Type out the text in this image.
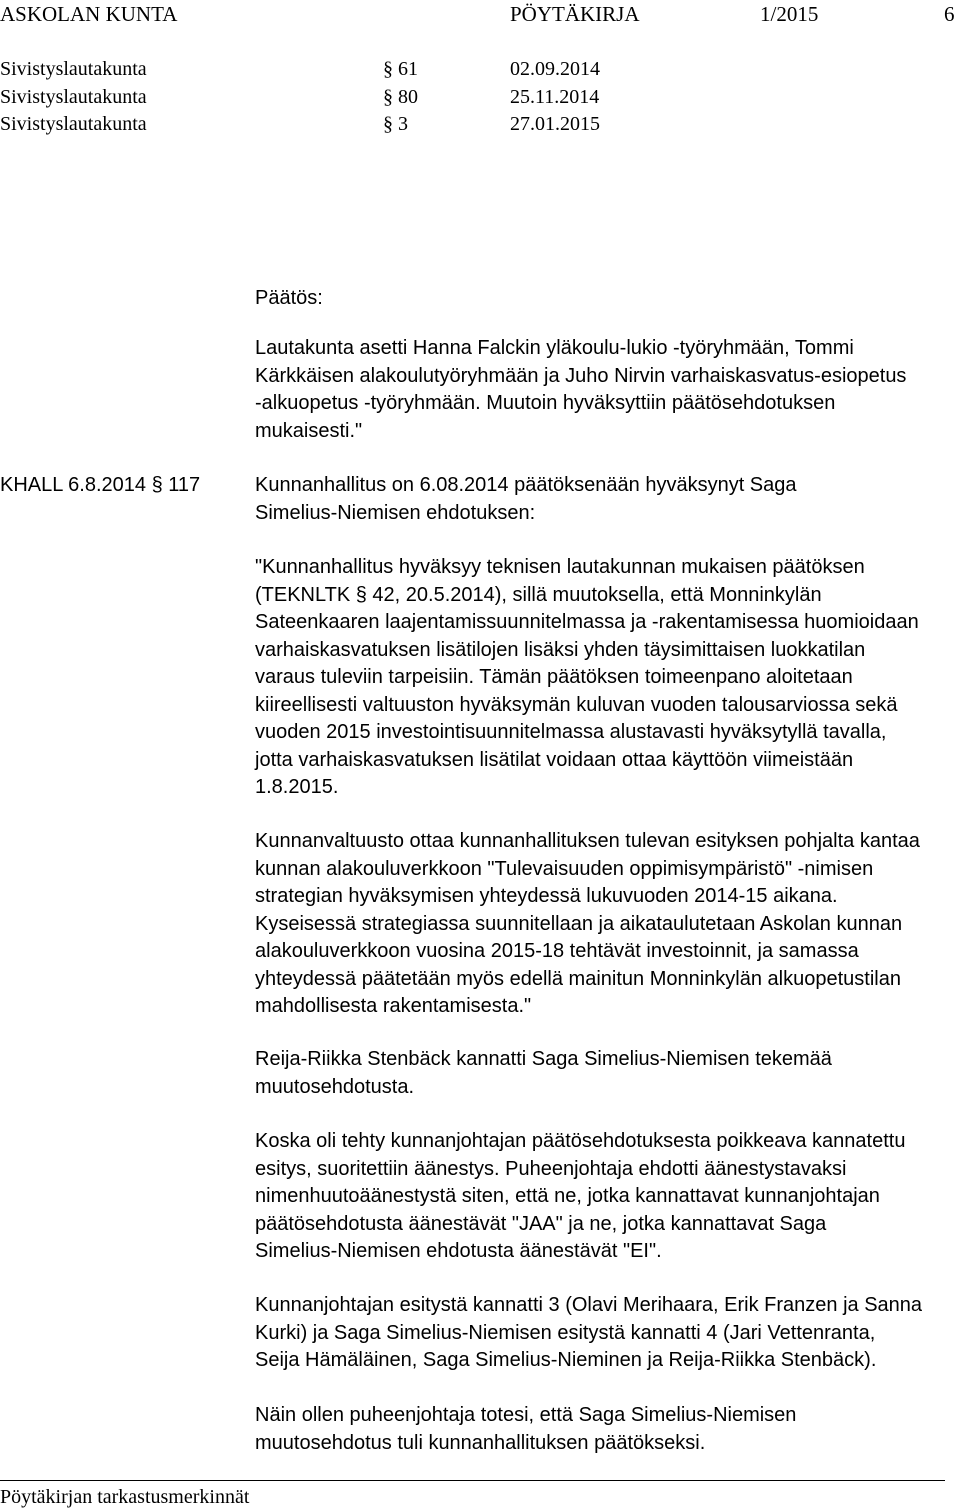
ASKOLAN KUNTA	PÖYTÄKIRJA	1/2015	6
Sivistyslautakunta	§ 61	02.09.2014
Sivistyslautakunta	§ 80	25.11.2014
Sivistyslautakunta	§ 3	27.01.2015
Päätös:
Lautakunta asetti Hanna Falckin yläkoulu-lukio -työryhmään, Tommi
Kärkkäisen alakoulutyöryhmään ja Juho Nirvin varhaiskasvatus-esiopetus
-alkuopetus -työryhmään. Muutoin hyväksyttiin päätösehdotuksen
mukaisesti."
KHALL 6.8.2014 § 117	Kunnanhallitus on 6.08.2014 päätöksenään hyväksynyt Saga
Simelius-Niemisen ehdotuksen:
"Kunnanhallitus hyväksyy teknisen lautakunnan mukaisen päätöksen
(TEKNLTK § 42, 20.5.2014), sillä muutoksella, että Monninkylän
Sateenkaaren laajentamissuunnitelmassa ja -rakentamisessa huomioidaan
varhaiskasvatuksen lisätilojen lisäksi yhden täysimittaisen luokkatilan
varaus tuleviin tarpeisiin. Tämän päätöksen toimeenpano aloitetaan
kiireellisesti valtuuston hyväksymän kuluvan vuoden talousarviossa sekä
vuoden 2015 investointisuunnitelmassa alustavasti hyväksytyllä tavalla,
jotta varhaiskasvatuksen lisätilat voidaan ottaa käyttöön viimeistään
1.8.2015.
Kunnanvaltuusto ottaa kunnanhallituksen tulevan esityksen pohjalta kantaa
kunnan alakouluverkkoon "Tulevaisuuden oppimisympäristö" -nimisen
strategian hyväksymisen yhteydessä lukuvuoden 2014-15 aikana.
Kyseisessä strategiassa suunnitellaan ja aikataulutetaan Askolan kunnan
alakouluverkkoon vuosina 2015-18 tehtävät investoinnit, ja samassa
yhteydessä päätetään myös edellä mainitun Monninkylän alkuopetustilan
mahdollisesta rakentamisesta."
Reija-Riikka Stenbäck kannatti Saga Simelius-Niemisen tekemää
muutosehdotusta.
Koska oli tehty kunnanjohtajan päätösehdotuksesta poikkeava kannatettu
esitys, suoritettiin äänestys. Puheenjohtaja ehdotti äänestystavaksi
nimenhuutoäänestystä siten, että ne, jotka kannattavat kunnanjohtajan
päätösehdotusta äänestävät "JAA" ja ne, jotka kannattavat Saga
Simelius-Niemisen ehdotusta äänestävät "EI".
Kunnanjohtajan esitystä kannatti 3 (Olavi Merihaara, Erik Franzen ja Sanna
Kurki) ja Saga Simelius-Niemisen esitystä kannatti 4 (Jari Vettenranta,
Seija Hämäläinen, Saga Simelius-Nieminen ja Reija-Riikka Stenbäck).
Näin ollen puheenjohtaja totesi, että Saga Simelius-Niemisen
muutosehdotus tuli kunnanhallituksen päätökseksi.
Pöytäkirjan tarkastusmerkinnät
